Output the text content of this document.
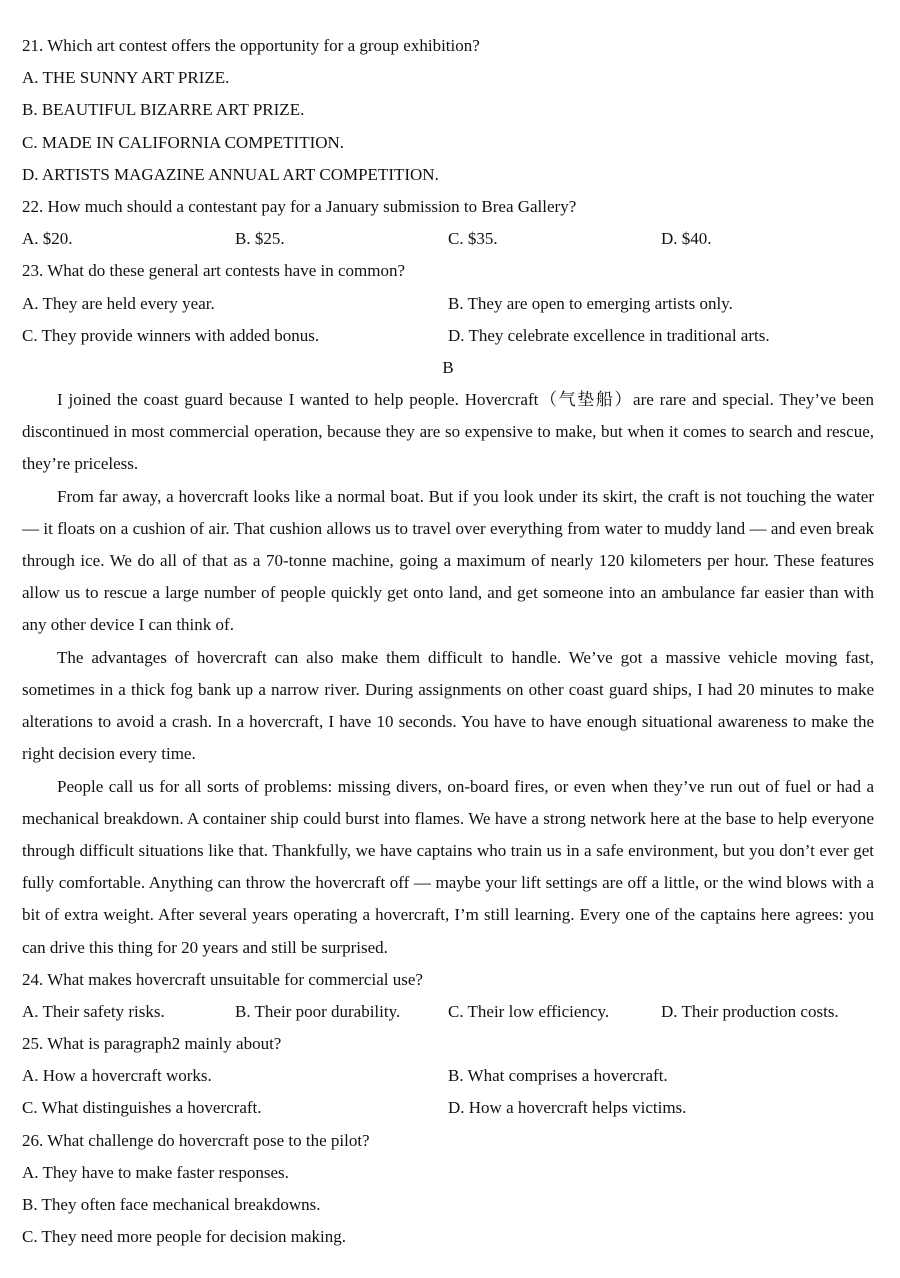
21. Which art contest offers the opportunity for a group exhibition?
A. THE SUNNY ART PRIZE.
B. BEAUTIFUL BIZARRE ART PRIZE.
C. MADE IN CALIFORNIA COMPETITION.
D. ARTISTS MAGAZINE ANNUAL ART COMPETITION.
22. How much should a contestant pay for a January submission to Brea Gallery?
A. $20.	B. $25.	C. $35.	D. $40.
23. What do these general art contests have in common?
A. They are held every year.	B. They are open to emerging artists only.
C. They provide winners with added bonus.	D. They celebrate excellence in traditional arts.
B

I joined the coast guard because I wanted to help people. Hovercraft（气垫船）are rare and special. They’ve been discontinued in most commercial operation, because they are so expensive to make, but when it comes to search and rescue, they’re priceless.

From far away, a hovercraft looks like a normal boat. But if you look under its skirt, the craft is not touching the water — it floats on a cushion of air. That cushion allows us to travel over everything from water to muddy land — and even break through ice. We do all of that as a 70-tonne machine, going a maximum of nearly 120 kilometers per hour. These features allow us to rescue a large number of people quickly get onto land, and get someone into an ambulance far easier than with any other device I can think of.

The advantages of hovercraft can also make them difficult to handle. We’ve got a massive vehicle moving fast, sometimes in a thick fog bank up a narrow river. During assignments on other coast guard ships, I had 20 minutes to make alterations to avoid a crash. In a hovercraft, I have 10 seconds. You have to have enough situational awareness to make the right decision every time.

People call us for all sorts of problems: missing divers, on-board fires, or even when they’ve run out of fuel or had a mechanical breakdown. A container ship could burst into flames. We have a strong network here at the base to help everyone through difficult situations like that. Thankfully, we have captains who train us in a safe environment, but you don’t ever get fully comfortable. Anything can throw the hovercraft off — maybe your lift settings are off a little, or the wind blows with a bit of extra weight. After several years operating a hovercraft, I’m still learning. Every one of the captains here agrees: you can drive this thing for 20 years and still be surprised.

24. What makes hovercraft unsuitable for commercial use?
A. Their safety risks.	B. Their poor durability.	C. Their low efficiency.	D. Their production costs.
25. What is paragraph2 mainly about?
A. How a hovercraft works.	B. What comprises a hovercraft.
C. What distinguishes a hovercraft.	D. How a hovercraft helps victims.
26. What challenge do hovercraft pose to the pilot?
A. They have to make faster responses.
B. They often face mechanical breakdowns.
C. They need more people for decision making.
